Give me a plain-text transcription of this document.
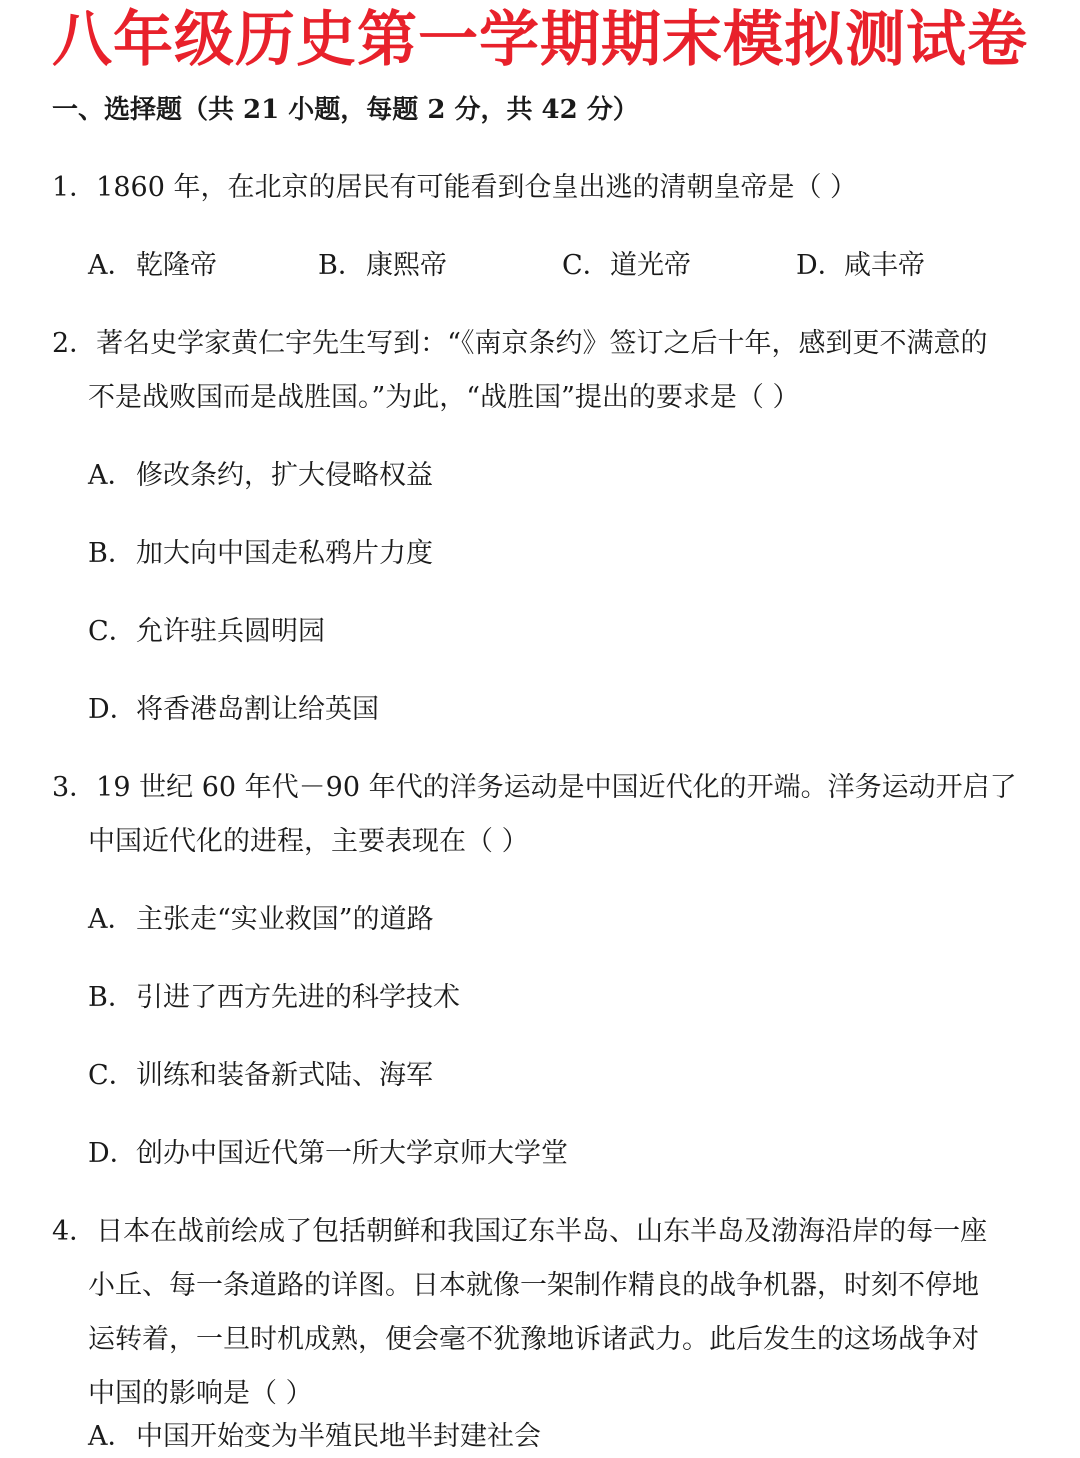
八年级历史第一学期期末模拟测试卷
一、选择题（共 21 小题，每题 2 分，共 42 分）
1．1860 年，在北京的居民有可能看到仓皇出逃的清朝皇帝是（ ）
A．乾隆帝	B．康熙帝	C．道光帝	D．咸丰帝
2．著名史学家黄仁宇先生写到：“《南京条约》签订之后十年，感到更不满意的
不是战败国而是战胜国。”为此，“战胜国”提出的要求是（ ）
A．修改条约，扩大侵略权益
B．加大向中国走私鸦片力度
C．允许驻兵圆明园
D．将香港岛割让给英国
3．19 世纪 60 年代－90 年代的洋务运动是中国近代化的开端。洋务运动开启了
中国近代化的进程，主要表现在（ ）
A．主张走“实业救国”的道路
B．引进了西方先进的科学技术
C．训练和装备新式陆、海军
D．创办中国近代第一所大学京师大学堂
4．日本在战前绘成了包括朝鲜和我国辽东半岛、山东半岛及渤海沿岸的每一座
小丘、每一条道路的详图。日本就像一架制作精良的战争机器，时刻不停地
运转着，一旦时机成熟，便会毫不犹豫地诉诸武力。此后发生的这场战争对
中国的影响是（ ）
A．中国开始变为半殖民地半封建社会
